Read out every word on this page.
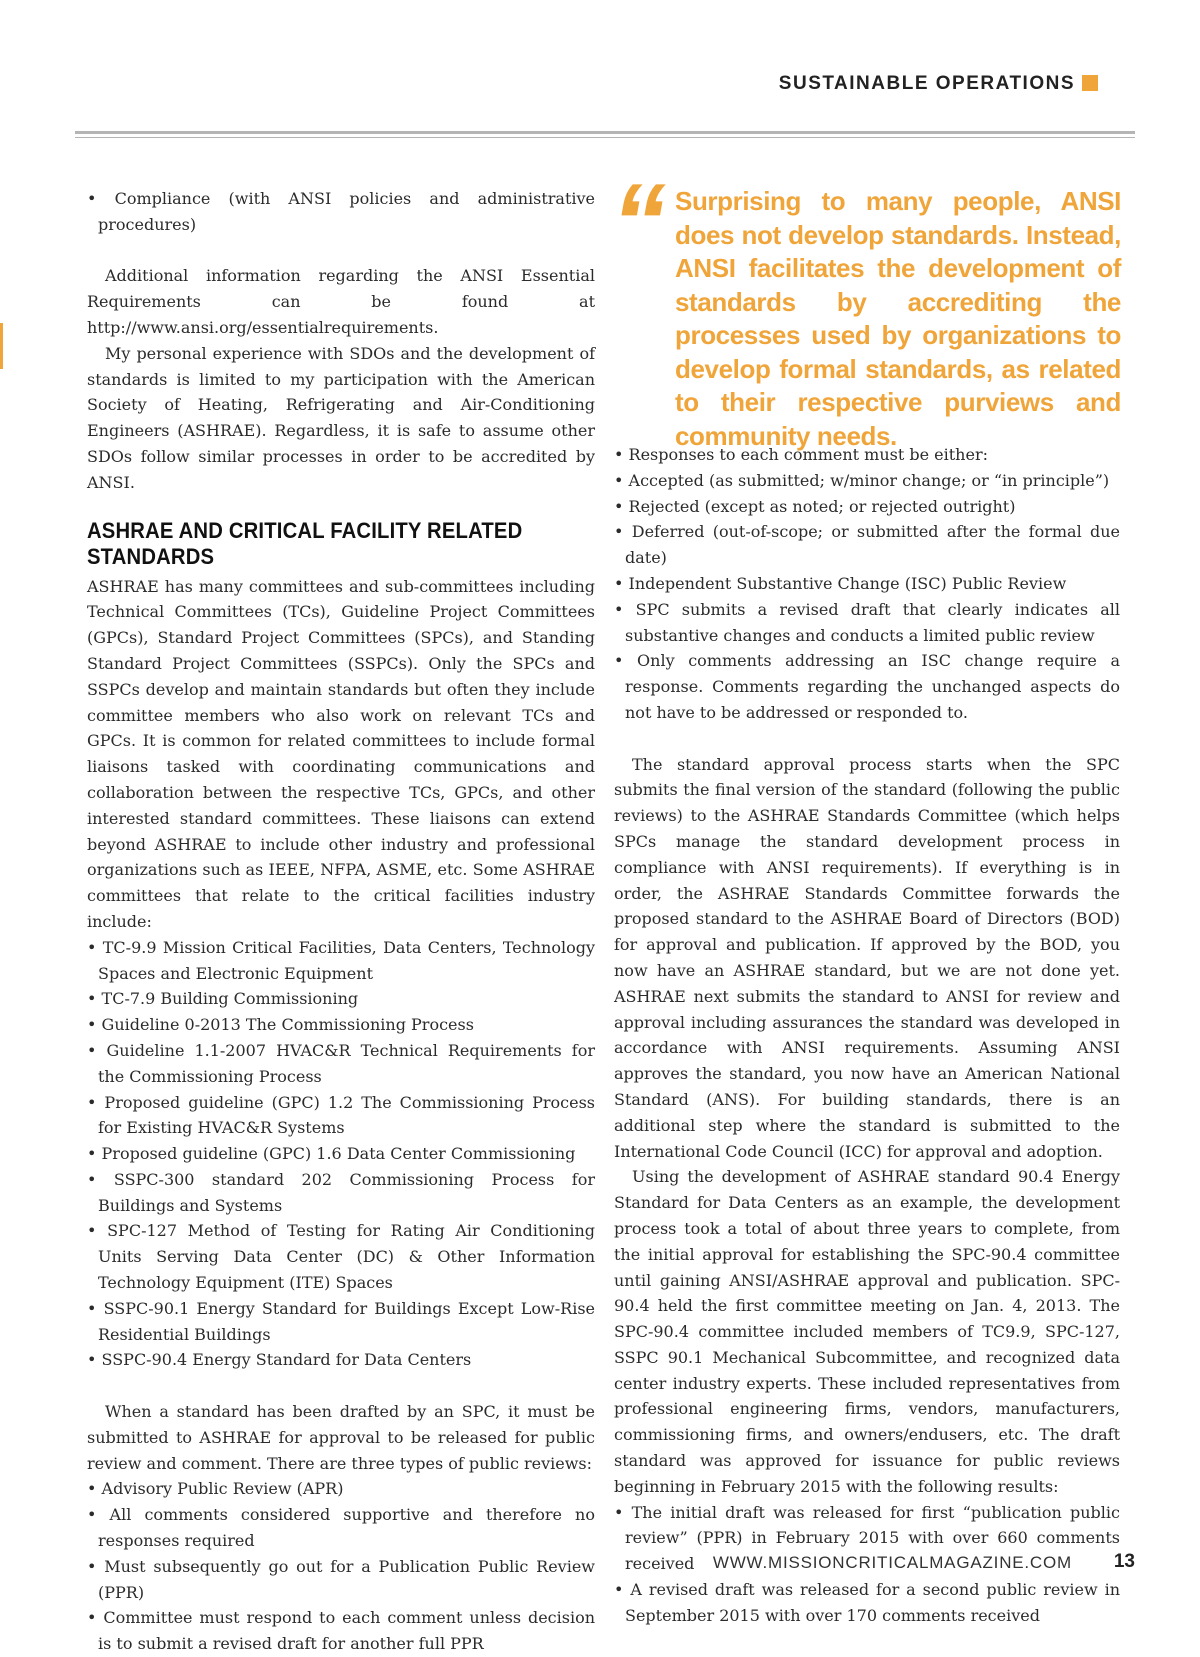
SUSTAINABLE OPERATIONS

• Compliance (with ANSI policies and administrative procedures)

Additional information regarding the ANSI Essential Requirements can be found at http://www.ansi.org/essentialrequirements.

My personal experience with SDOs and the development of standards is limited to my participation with the American Society of Heating, Refrigerating and Air-Conditioning Engineers (ASHRAE). Regardless, it is safe to assume other SDOs follow similar processes in order to be accredited by ANSI.

ASHRAE AND CRITICAL FACILITY RELATED STANDARDS

ASHRAE has many committees and sub-committees including Technical Committees (TCs), Guideline Project Committees (GPCs), Standard Project Committees (SPCs), and Standing Standard Project Committees (SSPCs). Only the SPCs and SSPCs develop and maintain standards but often they include committee members who also work on relevant TCs and GPCs. It is common for related committees to include formal liaisons tasked with coordinating communications and collaboration between the respective TCs, GPCs, and other interested standard committees. These liaisons can extend beyond ASHRAE to include other industry and professional organizations such as IEEE, NFPA, ASME, etc. Some ASHRAE committees that relate to the critical facilities industry include:

• TC-9.9 Mission Critical Facilities, Data Centers, Technology Spaces and Electronic Equipment

• TC-7.9 Building Commissioning

• Guideline 0-2013 The Commissioning Process

• Guideline 1.1-2007 HVAC&R Technical Requirements for the Commissioning Process

• Proposed guideline (GPC) 1.2 The Commissioning Process for Existing HVAC&R Systems

• Proposed guideline (GPC) 1.6 Data Center Commissioning

• SSPC-300 standard 202 Commissioning Process for Buildings and Systems

• SPC-127 Method of Testing for Rating Air Conditioning Units Serving Data Center (DC) & Other Information Technology Equipment (ITE) Spaces

• SSPC-90.1 Energy Standard for Buildings Except Low-Rise Residential Buildings

• SSPC-90.4 Energy Standard for Data Centers

When a standard has been drafted by an SPC, it must be submitted to ASHRAE for approval to be released for public review and comment. There are three types of public reviews:

• Advisory Public Review (APR)

• All comments considered supportive and therefore no responses required

• Must subsequently go out for a Publication Public Review (PPR)

• Committee must respond to each comment unless decision is to submit a revised draft for another full PPR

“ Surprising to many people, ANSI does not develop standards. Instead, ANSI facilitates the development of standards by accrediting the processes used by organizations to develop formal standards, as related to their respective purviews and community needs.

• Responses to each comment must be either:

• Accepted (as submitted; w/minor change; or “in principle”)

• Rejected (except as noted; or rejected outright)

• Deferred (out-of-scope; or submitted after the formal due date)

• Independent Substantive Change (ISC) Public Review

• SPC submits a revised draft that clearly indicates all substantive changes and conducts a limited public review

• Only comments addressing an ISC change require a response. Comments regarding the unchanged aspects do not have to be addressed or responded to.

The standard approval process starts when the SPC submits the final version of the standard (following the public reviews) to the ASHRAE Standards Committee (which helps SPCs manage the standard development process in compliance with ANSI requirements). If everything is in order, the ASHRAE Standards Committee forwards the proposed standard to the ASHRAE Board of Directors (BOD) for approval and publication. If approved by the BOD, you now have an ASHRAE standard, but we are not done yet. ASHRAE next submits the standard to ANSI for review and approval including assurances the standard was developed in accordance with ANSI requirements. Assuming ANSI approves the standard, you now have an American National Standard (ANS). For building standards, there is an additional step where the standard is submitted to the International Code Council (ICC) for approval and adoption.

Using the development of ASHRAE standard 90.4 Energy Standard for Data Centers as an example, the development process took a total of about three years to complete, from the initial approval for establishing the SPC-90.4 committee until gaining ANSI/ASHRAE approval and publication. SPC-90.4 held the first committee meeting on Jan. 4, 2013. The SPC-90.4 committee included members of TC9.9, SPC-127, SSPC 90.1 Mechanical Subcommittee, and recognized data center industry experts. These included representatives from professional engineering firms, vendors, manufacturers, commissioning firms, and owners/endusers, etc. The draft standard was approved for issuance for public reviews beginning in February 2015 with the following results:

• The initial draft was released for first “publication public review” (PPR) in February 2015 with over 660 comments received

• A revised draft was released for a second public review in September 2015 with over 170 comments received

WWW.MISSIONCRITICALMAGAZINE.COM 13
